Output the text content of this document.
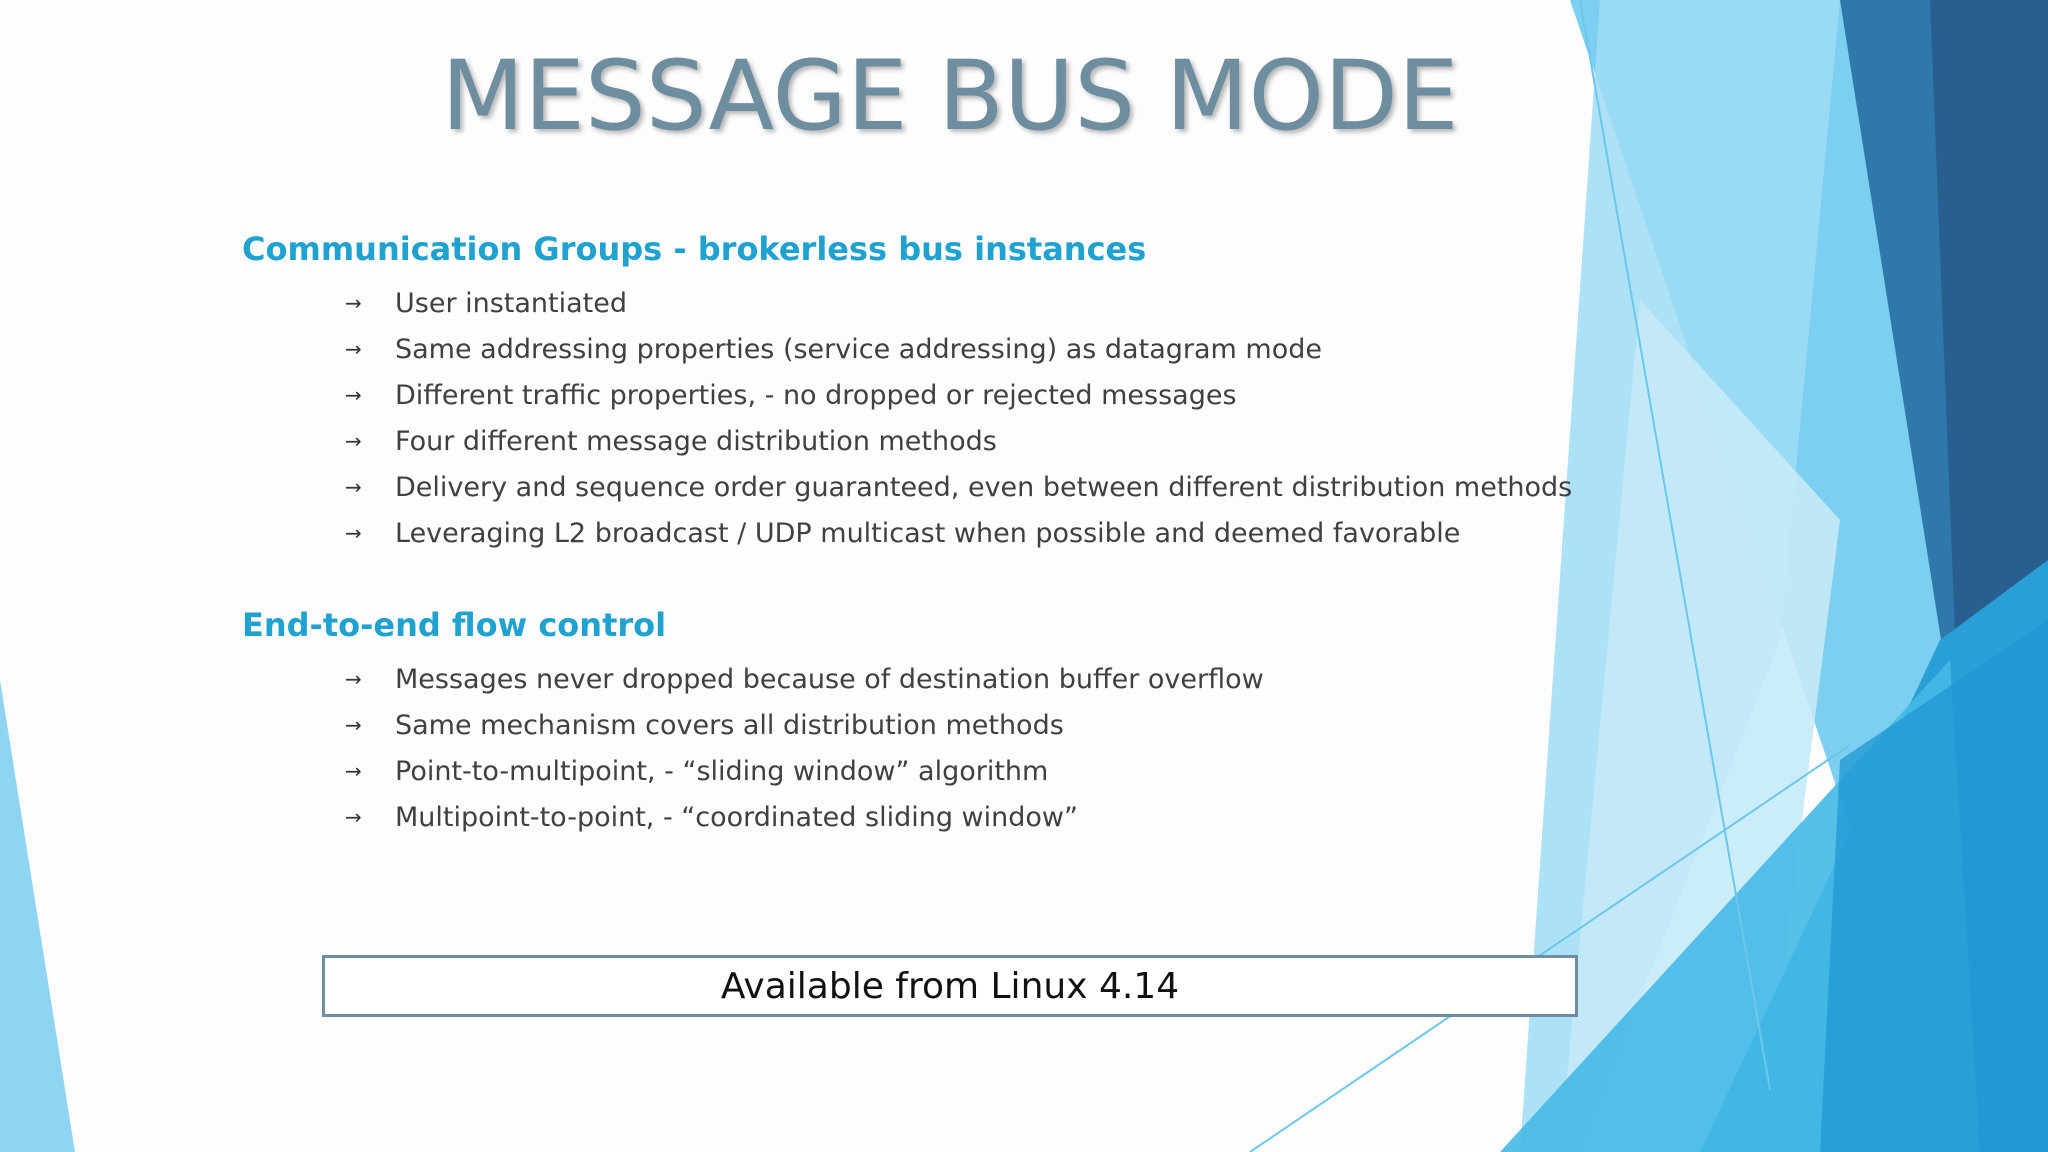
MESSAGE BUS MODE
Communication Groups - brokerless bus instances
→	User instantiated
→	Same addressing properties (service addressing) as datagram mode
→	Different traffic properties, - no dropped or rejected messages
→	Four different message distribution methods
→	Delivery and sequence order guaranteed, even between different distribution methods
→	Leveraging L2 broadcast / UDP multicast when possible and deemed favorable
End-to-end flow control
→	Messages never dropped because of destination buffer overflow
→	Same mechanism covers all distribution methods
→	Point-to-multipoint, - “sliding window” algorithm
→	Multipoint-to-point, - “coordinated sliding window”
Available from Linux 4.14
